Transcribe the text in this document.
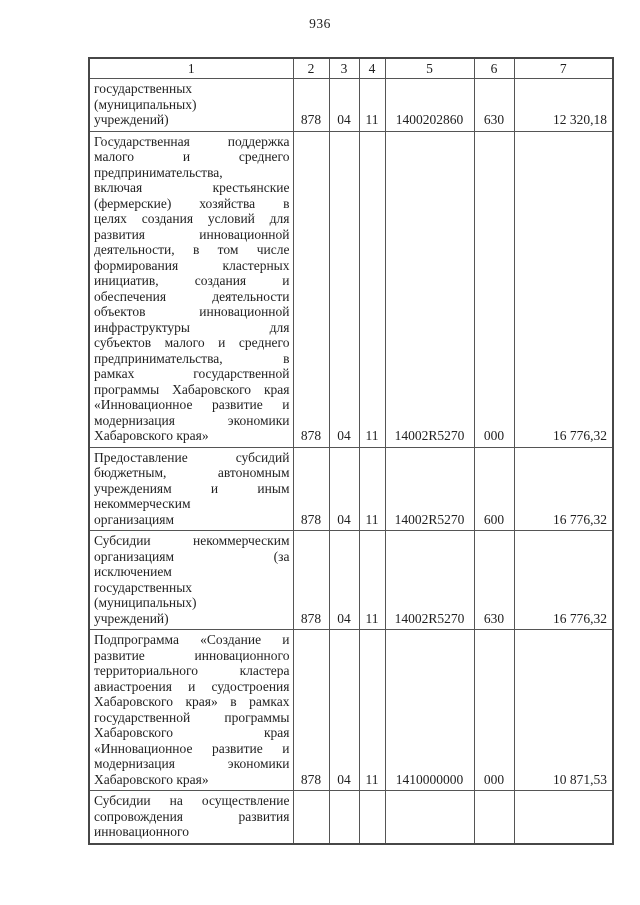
936
1	2	3	4	5	6	7

государственных
(муниципальных)
учреждений)	878	04	11	1400202860	630	12 320,18

Государственная поддержка
малого и среднего
предпринимательства,
включая крестьянские
(фермерские) хозяйства в
целях создания условий для
развития инновационной
деятельности, в том числе
формирования кластерных
инициатив, создания и
обеспечения деятельности
объектов инновационной
инфраструктуры для
субъектов малого и среднего
предпринимательства, в
рамках государственной
программы Хабаровского края
«Инновационное развитие и
модернизация экономики
Хабаровского края»	878	04	11	14002R5270	000	16 776,32

Предоставление субсидий
бюджетным, автономным
учреждениям и иным
некоммерческим
организациям	878	04	11	14002R5270	600	16 776,32

Субсидии некоммерческим
организациям (за
исключением
государственных
(муниципальных)
учреждений)	878	04	11	14002R5270	630	16 776,32

Подпрограмма «Создание и
развитие инновационного
территориального кластера
авиастроения и судостроения
Хабаровского края» в рамках
государственной программы
Хабаровского края
«Инновационное развитие и
модернизация экономики
Хабаровского края»	878	04	11	1410000000	000	10 871,53

Субсидии на осуществление
сопровождения развития
инновационного						
